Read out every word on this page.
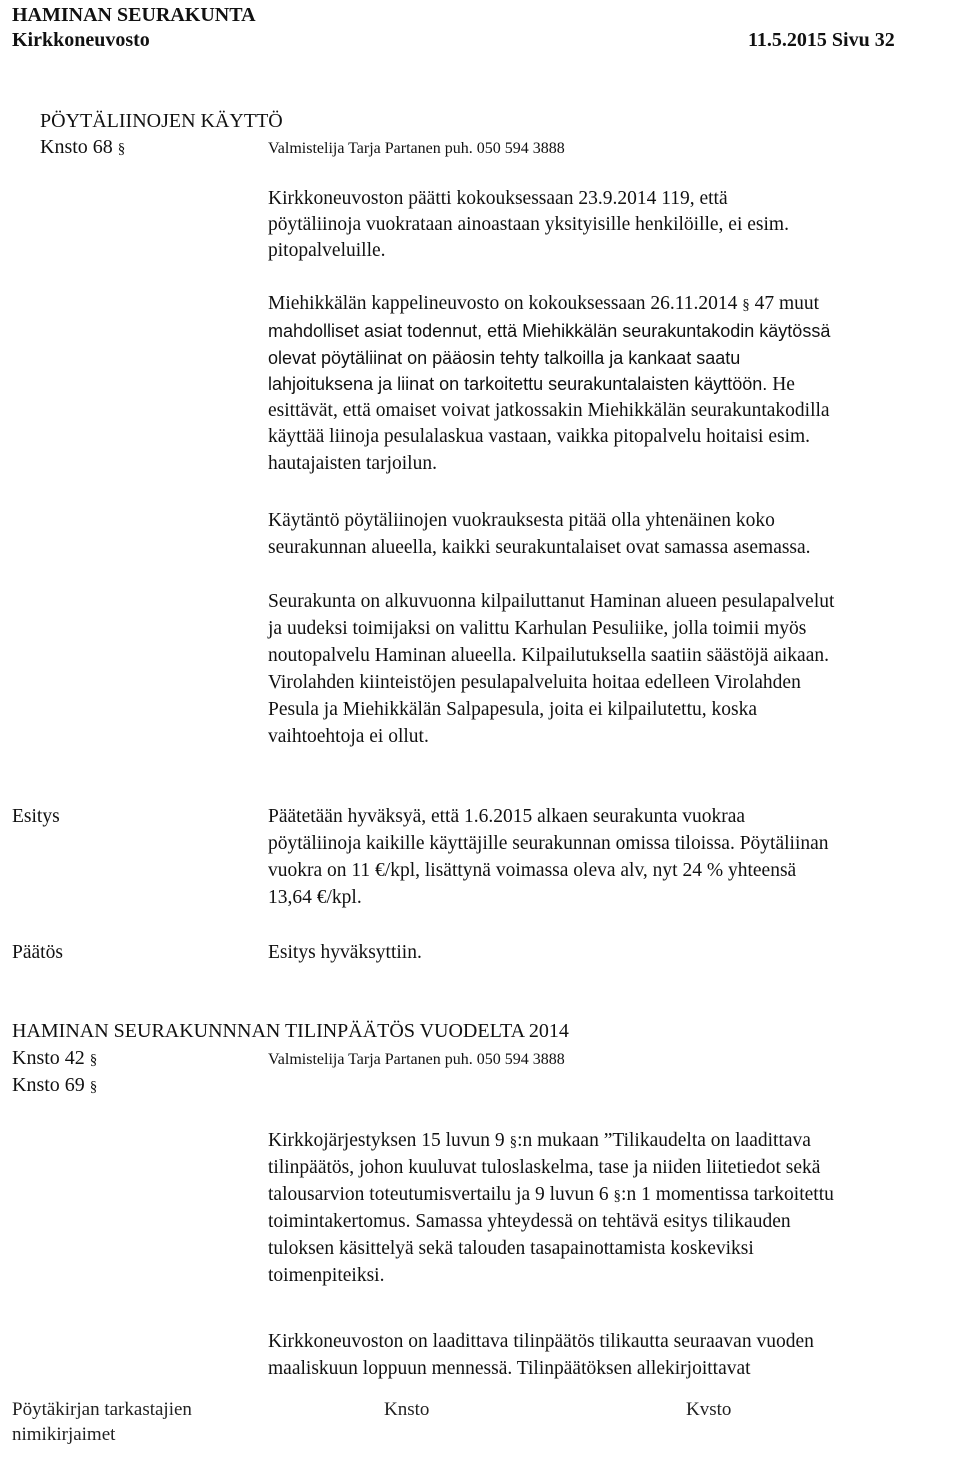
HAMINAN SEURAKUNTA
Kirkkoneuvosto	11.5.2015 Sivu 32
PÖYTÄLIINOJEN KÄYTTÖ
Knsto 68 §	Valmistelija Tarja Partanen puh. 050 594 3888
Kirkkoneuvoston päätti kokouksessaan 23.9.2014 119, että
pöytäliinoja vuokrataan ainoastaan yksityisille henkilöille, ei esim.
pitopalveluille.
Miehikkälän kappelineuvosto on kokouksessaan 26.11.2014 § 47 muut
mahdolliset asiat todennut, että Miehikkälän seurakuntakodin käytössä
olevat pöytäliinat on pääosin tehty talkoilla ja kankaat saatu
lahjoituksena ja liinat on tarkoitettu seurakuntalaisten käyttöön. He
esittävät, että omaiset voivat jatkossakin Miehikkälän seurakuntakodilla
käyttää liinoja pesulalaskua vastaan, vaikka pitopalvelu hoitaisi esim.
hautajaisten tarjoilun.
Käytäntö pöytäliinojen vuokrauksesta pitää olla yhtenäinen koko
seurakunnan alueella, kaikki seurakuntalaiset ovat samassa asemassa.
Seurakunta on alkuvuonna kilpailuttanut Haminan alueen pesulapalvelut
ja uudeksi toimijaksi on valittu Karhulan Pesuliike, jolla toimii myös
noutopalvelu Haminan alueella. Kilpailutuksella saatiin säästöjä aikaan.
Virolahden kiinteistöjen pesulapalveluita hoitaa edelleen Virolahden
Pesula ja Miehikkälän Salpapesula, joita ei kilpailutettu, koska
vaihtoehtoja ei ollut.
Esitys	Päätetään hyväksyä, että 1.6.2015 alkaen seurakunta vuokraa
pöytäliinoja kaikille käyttäjille seurakunnan omissa tiloissa. Pöytäliinan
vuokra on 11 €/kpl, lisättynä voimassa oleva alv, nyt 24 % yhteensä
13,64 €/kpl.
Päätös	Esitys hyväksyttiin.
HAMINAN SEURAKUNNNAN TILINPÄÄTÖS VUODELTA 2014
Knsto 42 §	Valmistelija Tarja Partanen puh. 050 594 3888
Knsto 69 §
Kirkkojärjestyksen 15 luvun 9 §:n mukaan ”Tilikaudelta on laadittava
tilinpäätös, johon kuuluvat tuloslaskelma, tase ja niiden liitetiedot sekä
talousarvion toteutumisvertailu ja 9 luvun 6 §:n 1 momentissa tarkoitettu
toimintakertomus. Samassa yhteydessä on tehtävä esitys tilikauden
tuloksen käsittelyä sekä talouden tasapainottamista koskeviksi
toimenpiteiksi.
Kirkkoneuvoston on laadittava tilinpäätös tilikautta seuraavan vuoden
maaliskuun loppuun mennessä. Tilinpäätöksen allekirjoittavat
Pöytäkirjan tarkastajien
nimikirjaimet
Knsto	Kvsto
